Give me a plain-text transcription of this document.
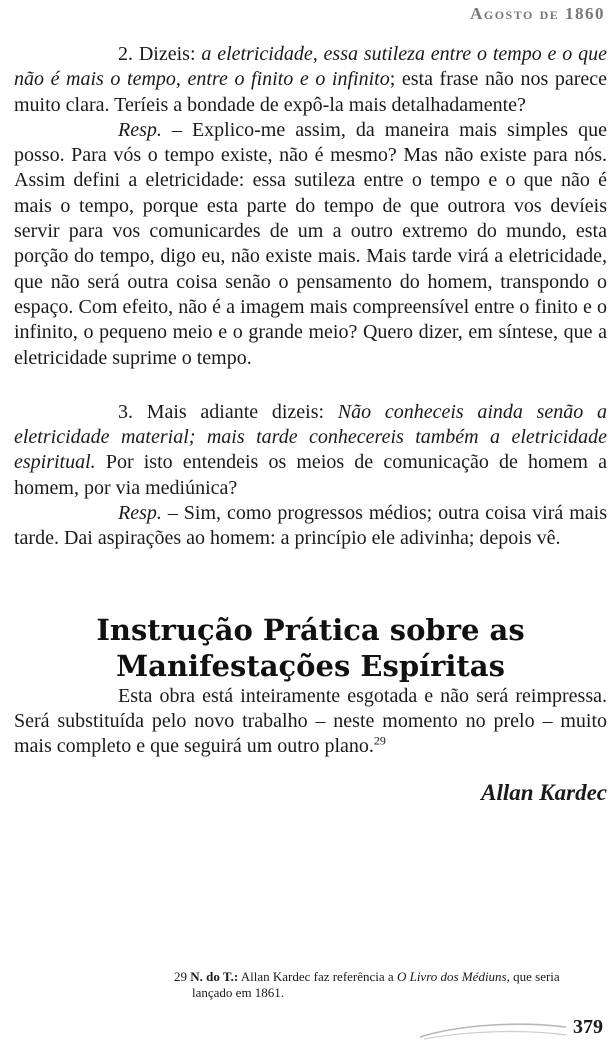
Agosto de 1860

2. Dizeis: a eletricidade, essa sutileza entre o tempo e o que não é mais o tempo, entre o finito e o infinito; esta frase não nos parece muito clara. Teríeis a bondade de expô-la mais detalhadamente?

Resp. – Explico-me assim, da maneira mais simples que posso. Para vós o tempo existe, não é mesmo? Mas não existe para nós. Assim defini a eletricidade: essa sutileza entre o tempo e o que não é mais o tempo, porque esta parte do tempo de que outrora vos devíeis servir para vos comunicardes de um a outro extremo do mundo, esta porção do tempo, digo eu, não existe mais. Mais tarde virá a eletricidade, que não será outra coisa senão o pensamento do homem, transpondo o espaço. Com efeito, não é a imagem mais compreensível entre o finito e o infinito, o pequeno meio e o grande meio? Quero dizer, em síntese, que a eletricidade suprime o tempo.

3. Mais adiante dizeis: Não conheceis ainda senão a eletricidade material; mais tarde conhecereis também a eletricidade espiritual. Por isto entendeis os meios de comunicação de homem a homem, por via mediúnica?

Resp. – Sim, como progressos médios; outra coisa virá mais tarde. Dai aspirações ao homem: a princípio ele adivinha; depois vê.

Instrução Prática sobre as
Manifestações Espíritas

Esta obra está inteiramente esgotada e não será reimpressa. Será substituída pelo novo trabalho – neste momento no prelo – muito mais completo e que seguirá um outro plano.$^{29}$

Allan Kardec
29 N. do T.: Allan Kardec faz referência a O Livro dos Médiuns, que seria
lançado em 1861.
379
